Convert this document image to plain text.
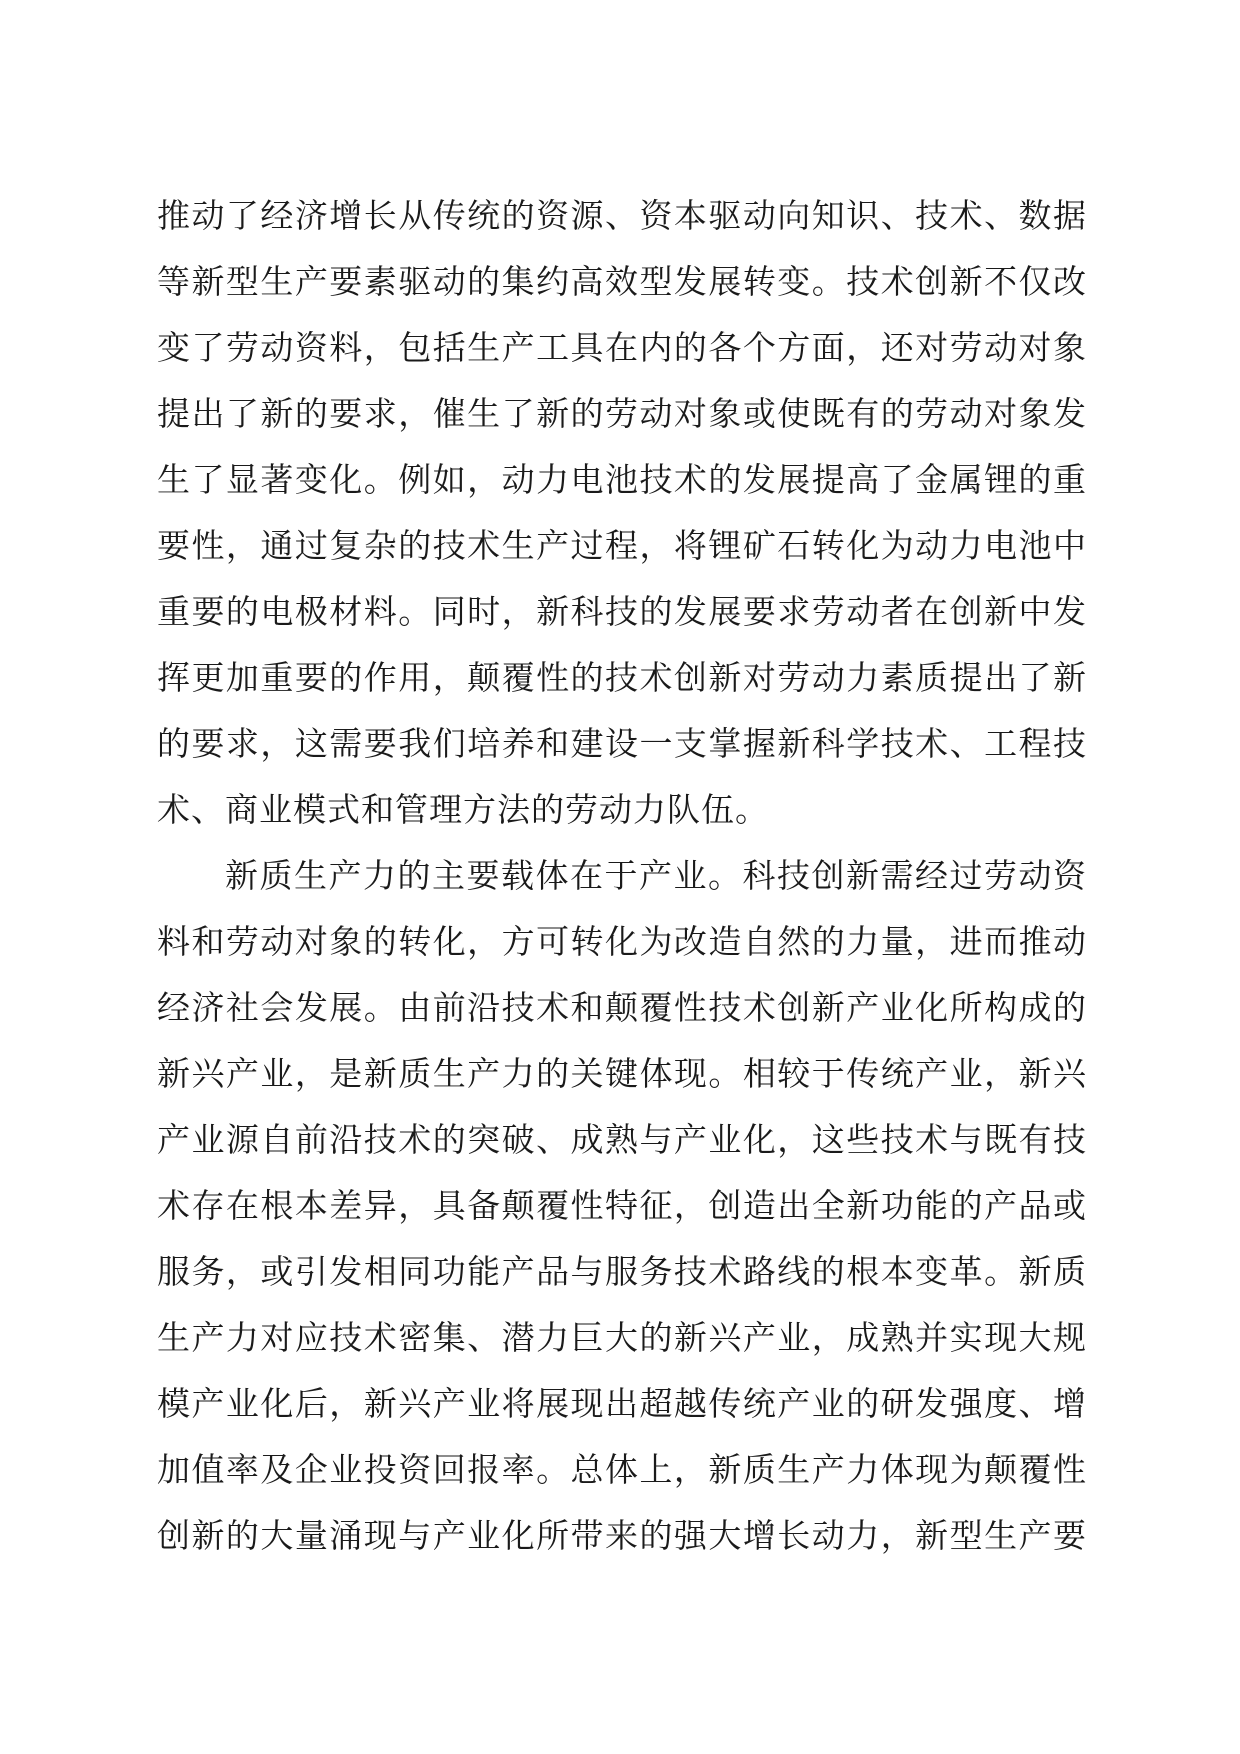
推动了经济增长从传统的资源、资本驱动向知识、技术、数据
等新型生产要素驱动的集约高效型发展转变。技术创新不仅改
变了劳动资料，包括生产工具在内的各个方面，还对劳动对象
提出了新的要求，催生了新的劳动对象或使既有的劳动对象发
生了显著变化。例如，动力电池技术的发展提高了金属锂的重
要性，通过复杂的技术生产过程，将锂矿石转化为动力电池中
重要的电极材料。同时，新科技的发展要求劳动者在创新中发
挥更加重要的作用，颠覆性的技术创新对劳动力素质提出了新
的要求，这需要我们培养和建设一支掌握新科学技术、工程技
术、商业模式和管理方法的劳动力队伍。
新质生产力的主要载体在于产业。科技创新需经过劳动资
料和劳动对象的转化，方可转化为改造自然的力量，进而推动
经济社会发展。由前沿技术和颠覆性技术创新产业化所构成的
新兴产业，是新质生产力的关键体现。相较于传统产业，新兴
产业源自前沿技术的突破、成熟与产业化，这些技术与既有技
术存在根本差异，具备颠覆性特征，创造出全新功能的产品或
服务，或引发相同功能产品与服务技术路线的根本变革。新质
生产力对应技术密集、潜力巨大的新兴产业，成熟并实现大规
模产业化后，新兴产业将展现出超越传统产业的研发强度、增
加值率及企业投资回报率。总体上，新质生产力体现为颠覆性
创新的大量涌现与产业化所带来的强大增长动力，新型生产要
